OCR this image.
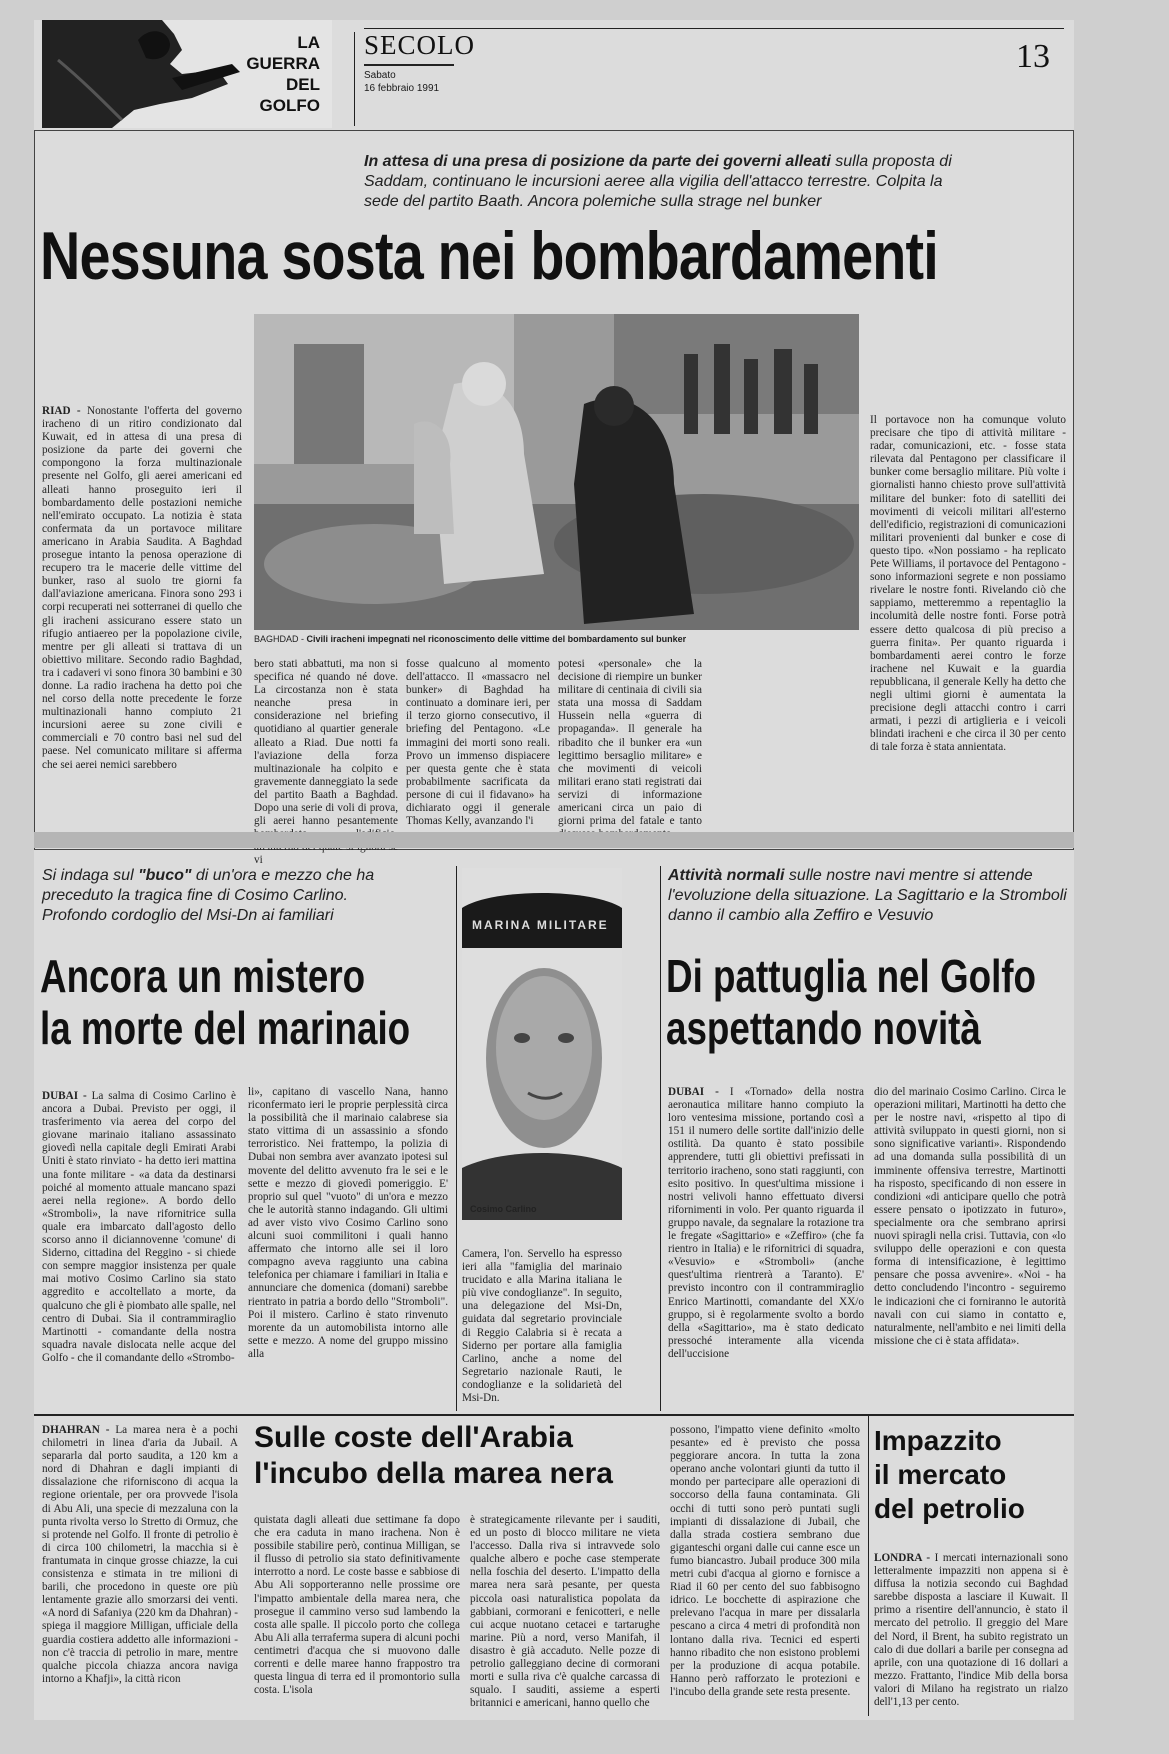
LA GUERRA
DEL
GOLFO
SECOLO
Sabato
16 febbraio 1991
13
In attesa di una presa di posizione da parte dei governi alleati sulla proposta di Saddam, continuano le incursioni aeree alla vigilia dell'attacco terrestre. Colpita la sede del partito Baath. Ancora polemiche sulla strage nel bunker
Nessuna sosta nei bombardamenti
BAGHDAD - Civili iracheni impegnati nel riconoscimento delle vittime del bombardamento sul bunker
RIAD - Nonostante l'offerta del governo iracheno di un ritiro condizionato dal Kuwait, ed in attesa di una presa di posizione da parte dei governi che compongono la forza multinazionale presente nel Golfo, gli aerei americani ed alleati hanno proseguito ieri il bombardamento delle postazioni nemiche nell'emirato occupato. La notizia è stata confermata da un portavoce militare americano in Arabia Saudita. A Baghdad prosegue intanto la penosa operazione di recupero tra le macerie delle vittime del bunker, raso al suolo tre giorni fa dall'aviazione americana. Finora sono 293 i corpi recuperati nei sotterranei di quello che gli iracheni assicurano essere stato un rifugio antiaereo per la popolazione civile, mentre per gli alleati si trattava di un obiettivo militare. Secondo radio Baghdad, tra i cadaveri vi sono finora 30 bambini e 30 donne. La radio irachena ha detto poi che nel corso della notte precedente le forze multinazionali hanno compiuto 21 incursioni aeree su zone civili e commerciali e 70 contro basi nel sud del paese. Nel comunicato militare si afferma che sei aerei nemici sarebbero
bero stati abbattuti, ma non si specifica né quando né dove. La circostanza non è stata neanche presa in considerazione nel briefing quotidiano al quartier generale alleato a Riad. Due notti fa l'aviazione della forza multinazionale ha colpito e gravemente danneggiato la sede del partito Baath a Baghdad. Dopo una serie di voli di prova, gli aerei hanno pesantemente vi
fosse qualcuno al momento dell'attacco. Il «massacro nel bunker» di Baghdad ha continuato a dominare ieri, per il terzo giorno consecutivo, il briefing del Pentagono. «Le immagini dei morti sono reali. Provo un immenso dispiacere per questa gente che è stata probabilmente sacrificata da persone di cui il fidavano» ha dichiarato oggi il generale Thomas Kelly, avanzando l'i
potesi «personale» che la decisione di riempire un bunker militare di centinaia di civili sia stata una mossa di Saddam Hussein nella «guerra di propaganda». Il generale ha ribadito che il bunker era «un legittimo bersaglio militare» e che movimenti di veicoli militari erano stati registrati dai servizi di informazione americani circa un paio di giorni prima del fatale e tanto
Il portavoce non ha comunque voluto precisare che tipo di attività militare - radar, comunicazioni, etc. - fosse stata rilevata dal Pentagono per classificare il bunker come bersaglio militare. Più volte i giornalisti hanno chiesto prove sull'attività militare del bunker: foto di satelliti dei movimenti di veicoli militari all'esterno dell'edificio, registrazioni di comunicazioni militari provenienti dal bunker e cose di questo tipo. «Non possiamo - ha replicato Pete Williams, il portavoce del Pentagono - sono informazioni segrete e non possiamo rivelare le nostre fonti. Rivelando ciò che sappiamo, metteremmo a repentaglio la incolumità delle nostre fonti. Forse potrà essere detto qualcosa di più preciso a guerra finita». Per quanto riguarda i bombardamenti aerei contro le forze irachene nel Kuwait e la guardia repubblicana, il generale Kelly ha detto che negli ultimi giorni è aumentata la precisione degli attacchi contro i carri armati, i pezzi di artiglieria e i veicoli blindati iracheni e che circa il 30 per cento di tale forza è stata annientata.
Si indaga sul "buco" di un'ora e mezzo che ha preceduto la tragica fine di Cosimo Carlino. Profondo cordoglio del Msi-Dn ai familiari
Ancora un mistero
la morte del marinaio
MARINA MILITARE
Cosimo Carlino
DUBAI - La salma di Cosimo Carlino è ancora a Dubai. Previsto per oggi, il trasferimento via aerea del corpo del giovane marinaio italiano assassinato giovedì nella capitale degli Emirati Arabi Uniti è stato rinviato - ha detto ieri mattina una fonte militare - «a data da destinarsi poiché al momento attuale mancano spazi aerei nella regione». A bordo dello «Stromboli», la nave rifornitrice sulla quale era imbarcato dall'agosto dello scorso anno il diciannovenne 'comune' di Siderno, cittadina del Reggino - si chiede con sempre maggior insistenza per quale mai motivo Cosimo Carlino sia stato aggredito e accoltellato a morte, da qualcuno che gli è piombato alle spalle, nel centro di Dubai. Sia il contrammiraglio Martinotti - comandante della nostra squadra navale dislocata nelle acque del Golfo - che il comandante dello «Strombo-
li», capitano di vascello Nana, hanno riconfermato ieri le proprie perplessità circa la possibilità che il marinaio calabrese sia stato vittima di un assassinio a sfondo terroristico. Nei frattempo, la polizia di Dubai non sembra aver avanzato ipotesi sul movente del delitto avvenuto fra le sei e le sette e mezzo di giovedì pomeriggio. E' proprio sul quel "vuoto" di un'ora e mezzo che le autorità stanno indagando. Gli ultimi ad aver visto vivo Cosimo Carlino sono alcuni suoi commilitoni i quali hanno affermato che intorno alle sei il loro compagno aveva raggiunto una cabina telefonica per chiamare i familiari in Italia e annunciare che domenica (domani) sarebbe rientrato in patria a bordo dello "Stromboli". Poi il mistero. Carlino è stato rinvenuto morente da un automobilista intorno alle sette e mezzo. A nome del gruppo missino alla
Camera, l'on. Servello ha espresso ieri alla "famiglia del marinaio trucidato e alla Marina italiana le più vive condoglianze". In seguito, una delegazione del Msi-Dn, guidata dal segretario provinciale di Reggio Calabria si è recata a Siderno per portare alla famiglia Carlino, anche a nome del Segretario nazionale Rauti, le condoglianze e la solidarietà del Msi-Dn.
Attività normali sulle nostre navi mentre si attende l'evoluzione della situazione. La Sagittario e la Stromboli danno il cambio alla Zeffiro e Vesuvio
Di pattuglia nel Golfo
aspettando novità
DUBAI - I «Tornado» della nostra aeronautica militare hanno compiuto la loro ventesima missione, portando così a 151 il numero delle sortite dall'inizio delle ostilità. Da quanto è stato possibile apprendere, tutti gli obiettivi prefissati in territorio iracheno, sono stati raggiunti, con esito positivo. In quest'ultima missione i nostri velivoli hanno effettuato diversi rifornimenti in volo. Per quanto riguarda il gruppo navale, da segnalare la rotazione tra le fregate «Sagittario» e «Zeffiro» (che fa rientro in Italia) e le rifornitrici di squadra, «Vesuvio» e «Stromboli» (anche quest'ultima rientrerà a Taranto). E' previsto incontro con il contrammiraglio Enrico Martinotti, comandante del XX/o gruppo, si è regolarmente svolto a bordo della «Sagittario», ma è stato dedicato pressoché interamente alla vicenda dell'uccisione
dio del marinaio Cosimo Carlino. Circa le operazioni militari, Martinotti ha detto che per le nostre navi, «rispetto al tipo di attività sviluppato in questi giorni, non si sono significative varianti». Rispondendo ad una domanda sulla possibilità di un imminente offensiva terrestre, Martinotti ha risposto, specificando di non essere in condizioni «di anticipare quello che potrà essere pensato o ipotizzato in futuro», specialmente ora che sembrano aprirsi nuovi spiragli nella crisi. Tuttavia, con «lo sviluppo delle operazioni e con questa forma di intensificazione, è legittimo pensare che possa avvenire». «Noi - ha detto concludendo l'incontro - seguiremo le indicazioni che ci forniranno le autorità navali con cui siamo in contatto e, naturalmente, nell'ambito e nei limiti della missione che ci è stata affidata».
Sulle coste dell'Arabia
l'incubo della marea nera
DHAHRAN - La marea nera è a pochi chilometri in linea d'aria da Jubail. A separarla dal porto saudita, a 120 km a nord di Dhahran e dagli impianti di dissalazione che riforniscono di acqua la regione orientale, per ora provvede l'isola di Abu Ali, una specie di mezzaluna con la punta rivolta verso lo Stretto di Ormuz, che si protende nel Golfo. Il fronte di petrolio è di circa 100 chilometri, la macchia si è frantumata in cinque grosse chiazze, la cui consistenza e stimata in tre milioni di barili, che procedono in queste ore più lentamente grazie allo smorzarsi dei venti. «A nord di Safaniya (220 km da Dhahran) - spiega il maggiore Milligan, ufficiale della guardia costiera addetto alle informazioni - non c'è traccia di petrolio in mare, mentre qualche piccola chiazza ancora naviga intorno a Khafji», la città ricon
quistata dagli alleati due settimane fa dopo che era caduta in mano irachena. Non è possibile stabilire però, continua Milligan, se il flusso di petrolio sia stato definitivamente interrotto a nord. Le coste basse e sabbiose di Abu Ali sopporteranno nelle prossime ore l'impatto ambientale della marea nera, che prosegue il cammino verso sud lambendo la costa alle spalle. Il piccolo porto che collega Abu Ali alla terraferma supera di alcuni pochi centimetri d'acqua che si muovono dalle correnti e delle maree hanno frappostro tra questa lingua di terra ed il promontorio sulla costa. L'isola
è strategicamente rilevante per i sauditi, ed un posto di blocco militare ne vieta l'accesso. Dalla riva si intravvede solo qualche albero e poche case stemperate nella foschia del deserto. L'impatto della marea nera sarà pesante, per questa piccola oasi naturalistica popolata da gabbiani, cormorani e fenicotteri, e nelle cui acque nuotano cetacei e tartarughe marine. Più a nord, verso Manifah, il disastro è già accaduto. Nelle pozze di petrolio galleggiano decine di cormorani morti e sulla riva c'è qualche carcassa di squalo. I sauditi, assieme a esperti britannici e americani, hanno quello che
possono, l'impatto viene definito «molto pesante» ed è previsto che possa peggiorare ancora. In tutta la zona operano anche volontari giunti da tutto il mondo per partecipare alle operazioni di soccorso della fauna contaminata. Gli occhi di tutti sono però puntati sugli impianti di dissalazione di Jubail, che dalla strada costiera sembrano due giganteschi organi dalle cui canne esce un fumo biancastro. Jubail produce 300 mila metri cubi d'acqua al giorno e fornisce a Riad il 60 per cento del suo fabbisogno idrico. Le bocchette di aspirazione che prelevano l'acqua in mare per dissalarla pescano a circa 4 metri di profondità non lontano dalla riva. Tecnici ed esperti hanno ribadito che non esistono problemi per la produzione di acqua potabile. Hanno però rafforzato le protezioni e l'incubo della grande sete resta presente.
Impazzito
il mercato
del petrolio
LONDRA - I mercati internazionali sono letteralmente impazziti non appena si è diffusa la notizia secondo cui Baghdad sarebbe disposta a lasciare il Kuwait. Il primo a risentire dell'annuncio, è stato il mercato del petrolio. Il greggio del Mare del Nord, il Brent, ha subito registrato un calo di due dollari a barile per consegna ad aprile, con una quotazione di 16 dollari a mezzo. Frattanto, l'indice Mib della borsa valori di Milano ha registrato un rialzo dell'1,13 per cento.
